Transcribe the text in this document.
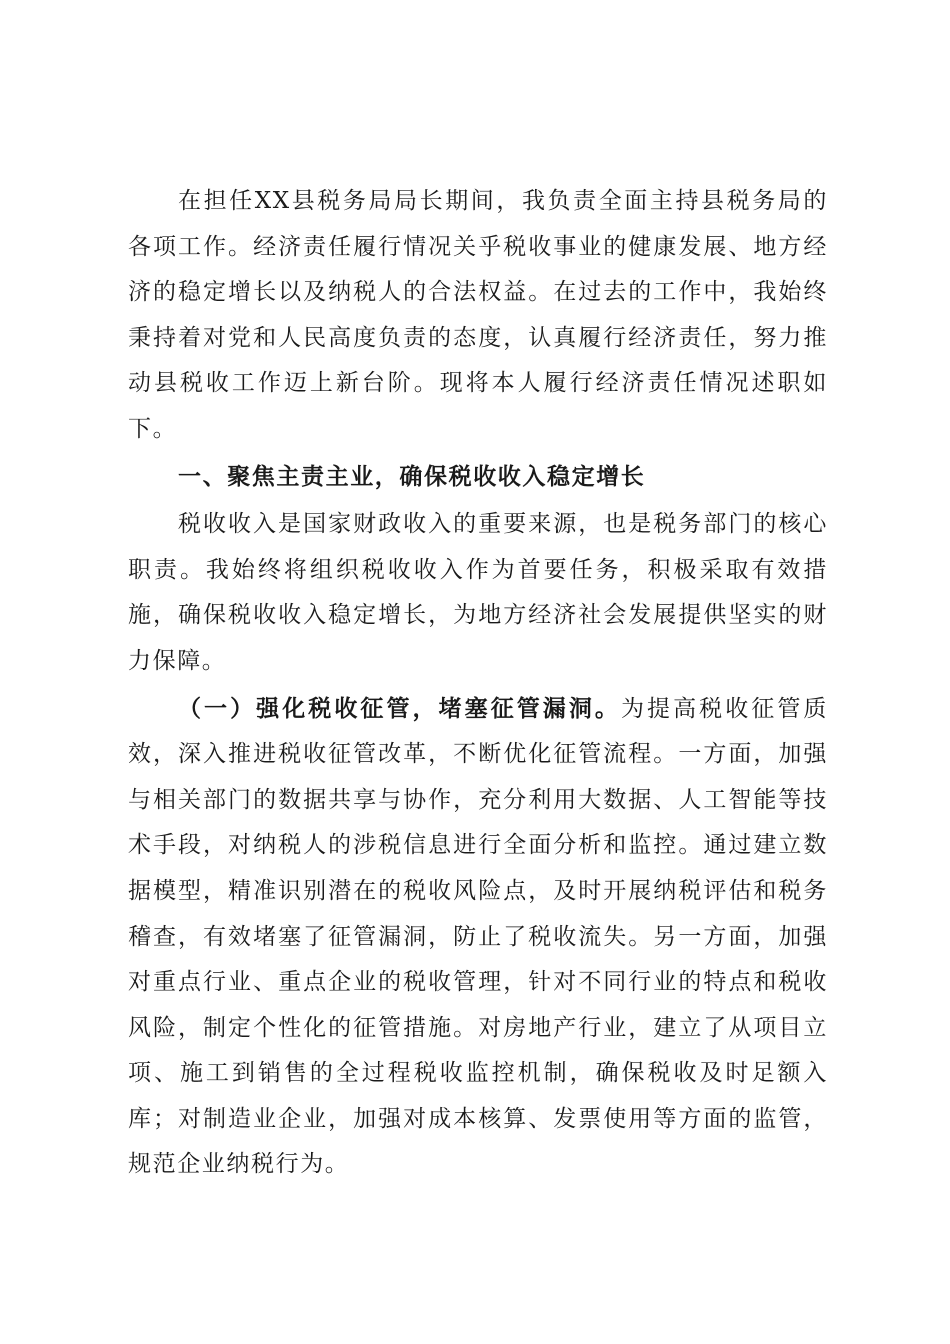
在担任XX县税务局局长期间，我负责全面主持县税务局的各项工作。经济责任履行情况关乎税收事业的健康发展、地方经济的稳定增长以及纳税人的合法权益。在过去的工作中，我始终秉持着对党和人民高度负责的态度，认真履行经济责任，努力推动县税收工作迈上新台阶。现将本人履行经济责任情况述职如下。

一、聚焦主责主业，确保税收收入稳定增长

税收收入是国家财政收入的重要来源，也是税务部门的核心职责。我始终将组织税收收入作为首要任务，积极采取有效措施，确保税收收入稳定增长，为地方经济社会发展提供坚实的财力保障。

（一）强化税收征管，堵塞征管漏洞。为提高税收征管质效，深入推进税收征管改革，不断优化征管流程。一方面，加强与相关部门的数据共享与协作，充分利用大数据、人工智能等技术手段，对纳税人的涉税信息进行全面分析和监控。通过建立数据模型，精准识别潜在的税收风险点，及时开展纳税评估和税务稽查，有效堵塞了征管漏洞，防止了税收流失。另一方面，加强对重点行业、重点企业的税收管理，针对不同行业的特点和税收风险，制定个性化的征管措施。对房地产行业，建立了从项目立项、施工到销售的全过程税收监控机制，确保税收及时足额入库；对制造业企业，加强对成本核算、发票使用等方面的监管，规范企业纳税行为。
